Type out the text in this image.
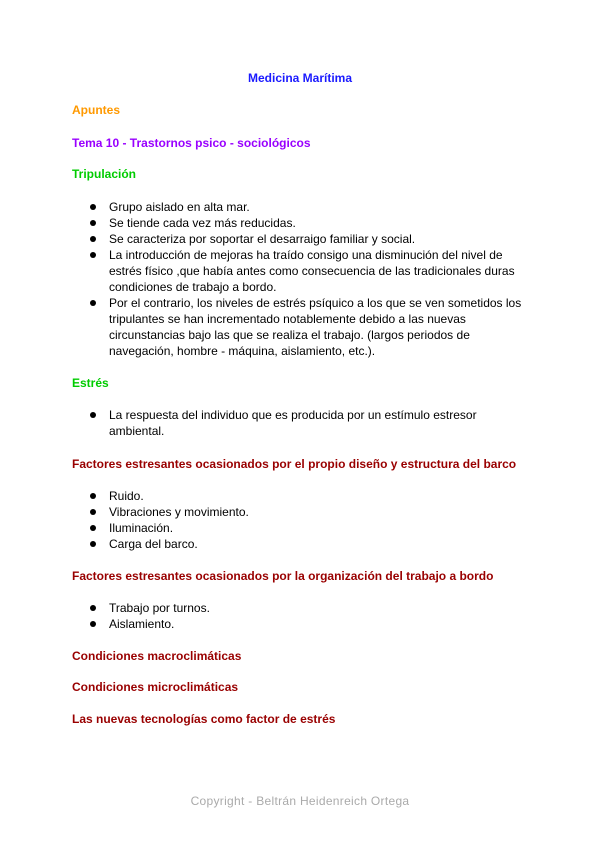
Medicina Marítima
Apuntes
Tema 10 - Trastornos psico - sociológicos
Tripulación
Grupo aislado en alta mar.
Se tiende cada vez más reducidas.
Se caracteriza por soportar el desarraigo familiar y social.
La introducción de mejoras ha traído consigo una disminución del nivel de estrés físico ,que había antes como consecuencia de las tradicionales duras condiciones de trabajo a bordo.
Por el contrario, los niveles de estrés psíquico a los que se ven sometidos los tripulantes se han incrementado notablemente debido a las nuevas circunstancias bajo las que se realiza el trabajo. (largos periodos de navegación, hombre - máquina, aislamiento, etc.).
Estrés
La respuesta del individuo que es producida por un estímulo estresor ambiental.
Factores estresantes ocasionados por el propio diseño y estructura del barco
Ruido.
Vibraciones y movimiento.
Iluminación.
Carga del barco.
Factores estresantes ocasionados por la organización del trabajo a bordo
Trabajo por turnos.
Aislamiento.
Condiciones macroclimáticas
Condiciones microclimáticas
Las nuevas tecnologías como factor de estrés
Copyright - Beltrán Heidenreich Ortega
